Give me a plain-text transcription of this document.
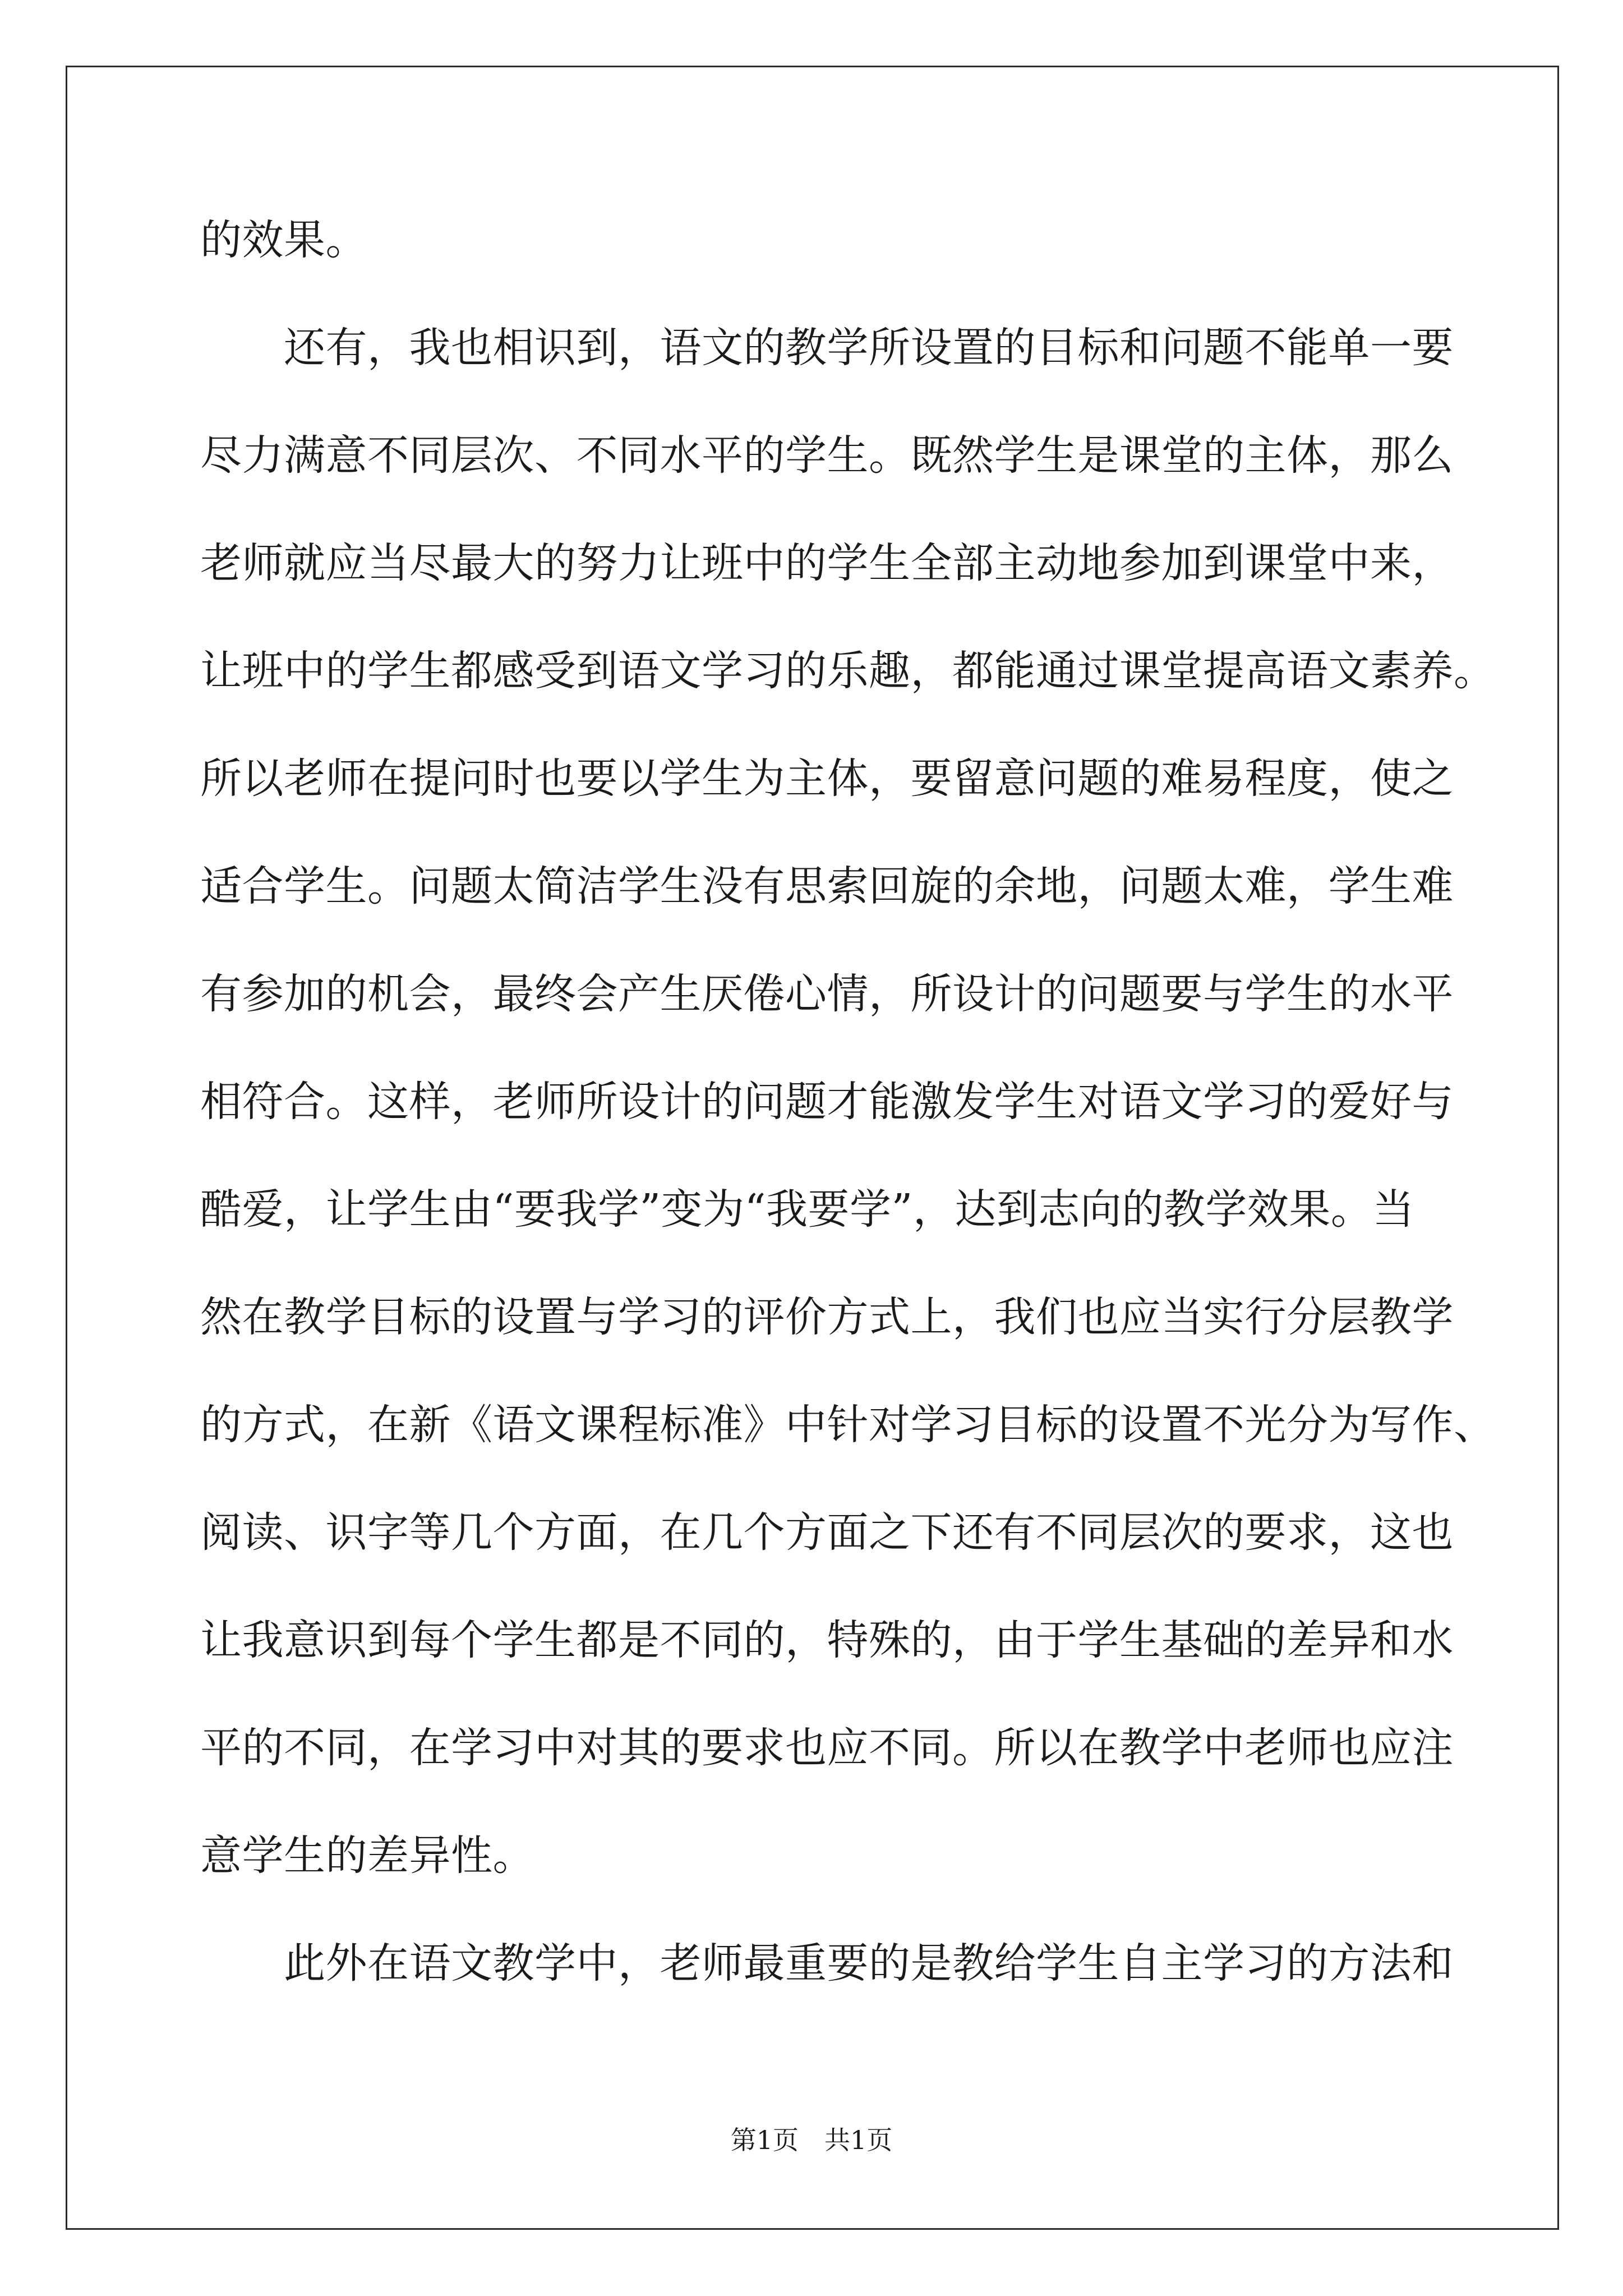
的效果。
　　还有，我也相识到，语文的教学所设置的目标和问题不能单一要
尽力满意不同层次、不同水平的学生。既然学生是课堂的主体，那么
老师就应当尽最大的努力让班中的学生全部主动地参加到课堂中来，
让班中的学生都感受到语文学习的乐趣，都能通过课堂提高语文素养。
所以老师在提问时也要以学生为主体，要留意问题的难易程度，使之
适合学生。问题太简洁学生没有思索回旋的余地，问题太难，学生难
有参加的机会，最终会产生厌倦心情，所设计的问题要与学生的水平
相符合。这样，老师所设计的问题才能激发学生对语文学习的爱好与
酷爱，让学生由“要我学”变为“我要学”，达到志向的教学效果。当
然在教学目标的设置与学习的评价方式上，我们也应当实行分层教学
的方式，在新《语文课程标准》中针对学习目标的设置不光分为写作、
阅读、识字等几个方面，在几个方面之下还有不同层次的要求，这也
让我意识到每个学生都是不同的，特殊的，由于学生基础的差异和水
平的不同，在学习中对其的要求也应不同。所以在教学中老师也应注
意学生的差异性。
　　此外在语文教学中，老师最重要的是教给学生自主学习的方法和
第1页 共1页
